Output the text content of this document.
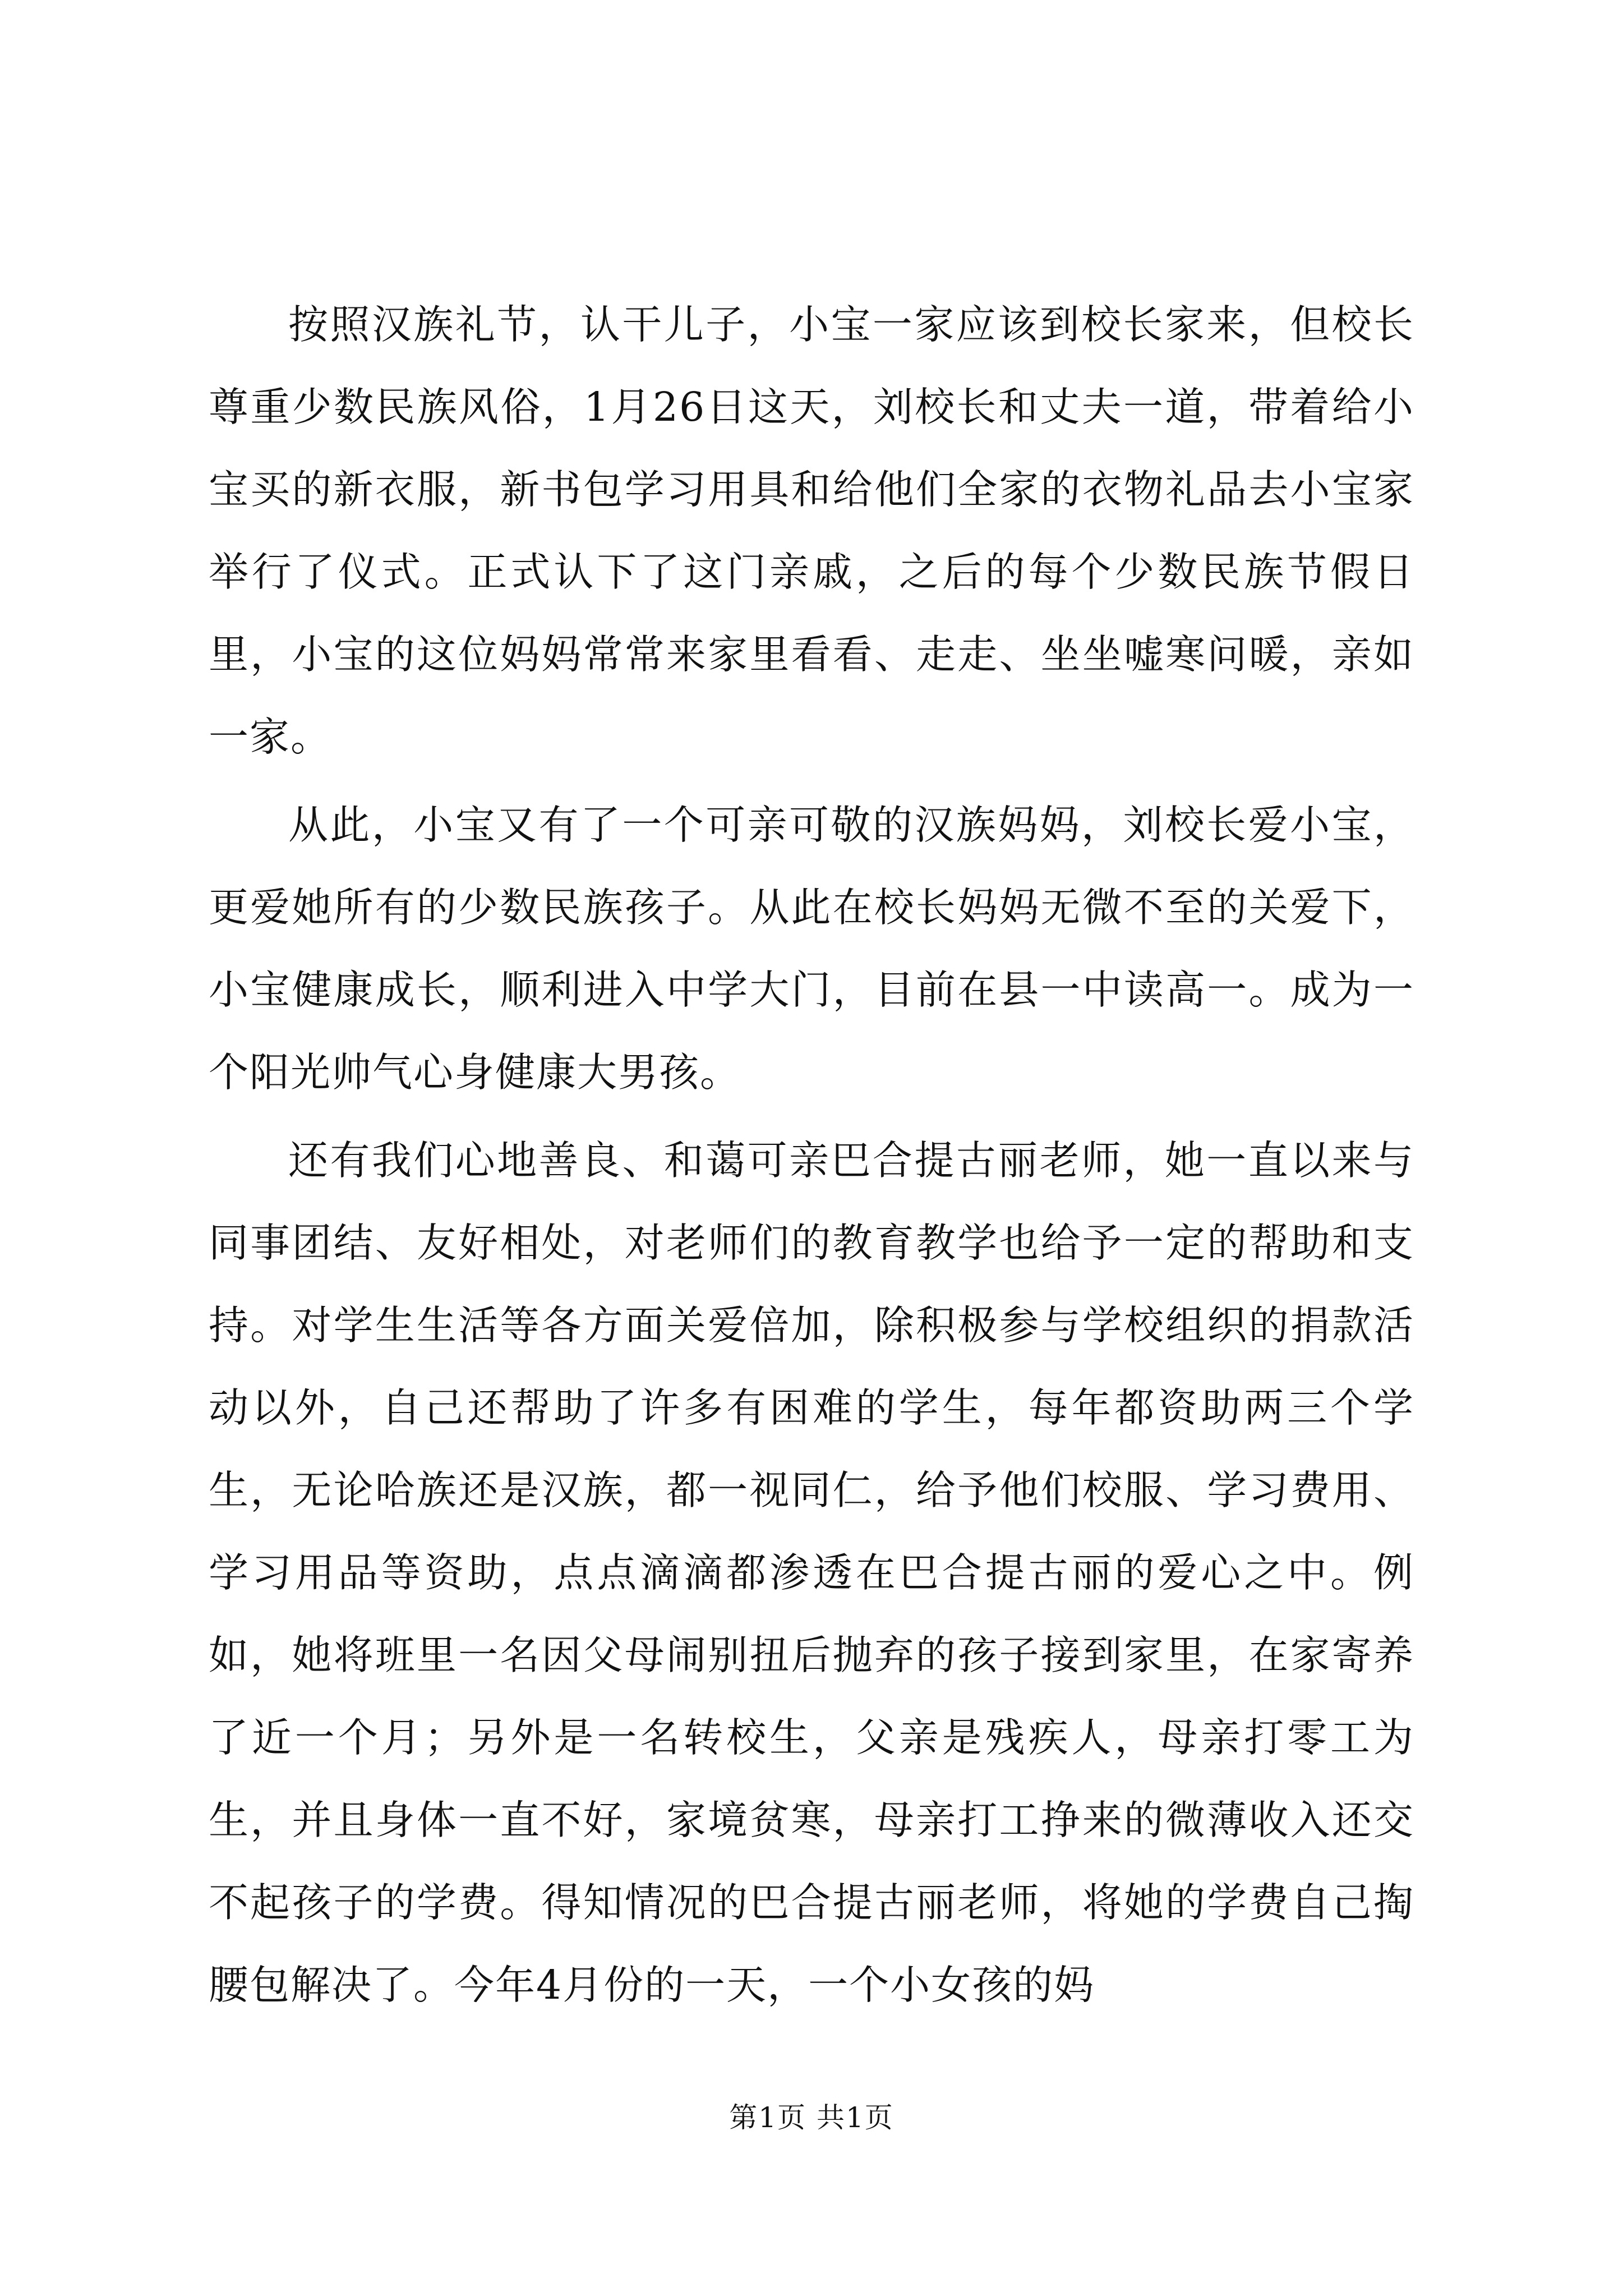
按照汉族礼节，认干儿子，小宝一家应该到校长家来，但校长尊重少数民族风俗，1月26日这天，刘校长和丈夫一道，带着给小宝买的新衣服，新书包学习用具和给他们全家的衣物礼品去小宝家举行了仪式。正式认下了这门亲戚，之后的每个少数民族节假日里，小宝的这位妈妈常常来家里看看、走走、坐坐嘘寒问暖，亲如一家。

从此，小宝又有了一个可亲可敬的汉族妈妈，刘校长爱小宝，更爱她所有的少数民族孩子。从此在校长妈妈无微不至的关爱下，小宝健康成长，顺利进入中学大门，目前在县一中读高一。成为一个阳光帅气心身健康大男孩。

还有我们心地善良、和蔼可亲巴合提古丽老师，她一直以来与同事团结、友好相处，对老师们的教育教学也给予一定的帮助和支持。对学生生活等各方面关爱倍加，除积极参与学校组织的捐款活动以外，自己还帮助了许多有困难的学生，每年都资助两三个学生，无论哈族还是汉族，都一视同仁，给予他们校服、学习费用、学习用品等资助，点点滴滴都渗透在巴合提古丽的爱心之中。例如，她将班里一名因父母闹别扭后抛弃的孩子接到家里，在家寄养了近一个月；另外是一名转校生，父亲是残疾人，母亲打零工为生，并且身体一直不好，家境贫寒，母亲打工挣来的微薄收入还交不起孩子的学费。得知情况的巴合提古丽老师，将她的学费自己掏腰包解决了。今年4月份的一天，一个小女孩的妈

第1页 共1页
